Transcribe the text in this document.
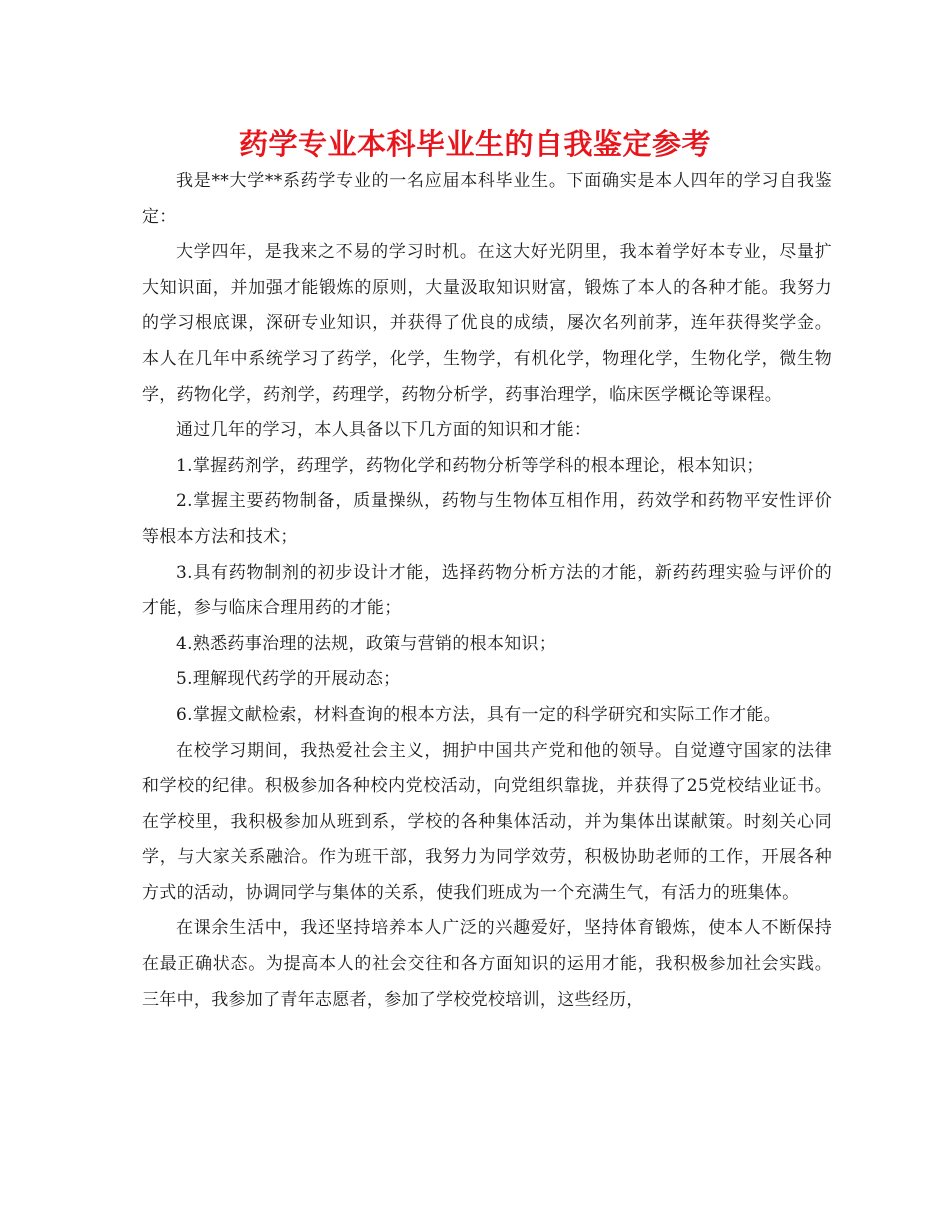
药学专业本科毕业生的自我鉴定参考

我是**大学**系药学专业的一名应届本科毕业生。下面确实是本人四年的学习自我鉴定：

大学四年，是我来之不易的学习时机。在这大好光阴里，我本着学好本专业，尽量扩大知识面，并加强才能锻炼的原则，大量汲取知识财富，锻炼了本人的各种才能。我努力的学习根底课，深研专业知识，并获得了优良的成绩，屡次名列前茅，连年获得奖学金。本人在几年中系统学习了药学，化学，生物学，有机化学，物理化学，生物化学，微生物学，药物化学，药剂学，药理学，药物分析学，药事治理学，临床医学概论等课程。

通过几年的学习，本人具备以下几方面的知识和才能：

1.掌握药剂学，药理学，药物化学和药物分析等学科的根本理论，根本知识；

2.掌握主要药物制备，质量操纵，药物与生物体互相作用，药效学和药物平安性评价等根本方法和技术；

3.具有药物制剂的初步设计才能，选择药物分析方法的才能，新药药理实验与评价的才能，参与临床合理用药的才能；

4.熟悉药事治理的法规，政策与营销的根本知识；

5.理解现代药学的开展动态；

6.掌握文献检索，材料查询的根本方法，具有一定的科学研究和实际工作才能。

在校学习期间，我热爱社会主义，拥护中国共产党和他的领导。自觉遵守国家的法律和学校的纪律。积极参加各种校内党校活动，向党组织靠拢，并获得了25党校结业证书。在学校里，我积极参加从班到系，学校的各种集体活动，并为集体出谋献策。时刻关心同学，与大家关系融洽。作为班干部，我努力为同学效劳，积极协助老师的工作，开展各种方式的活动，协调同学与集体的关系，使我们班成为一个充满生气，有活力的班集体。

在课余生活中，我还坚持培养本人广泛的兴趣爱好，坚持体育锻炼，使本人不断保持在最正确状态。为提高本人的社会交往和各方面知识的运用才能，我积极参加社会实践。三年中，我参加了青年志愿者，参加了学校党校培训，这些经历，
